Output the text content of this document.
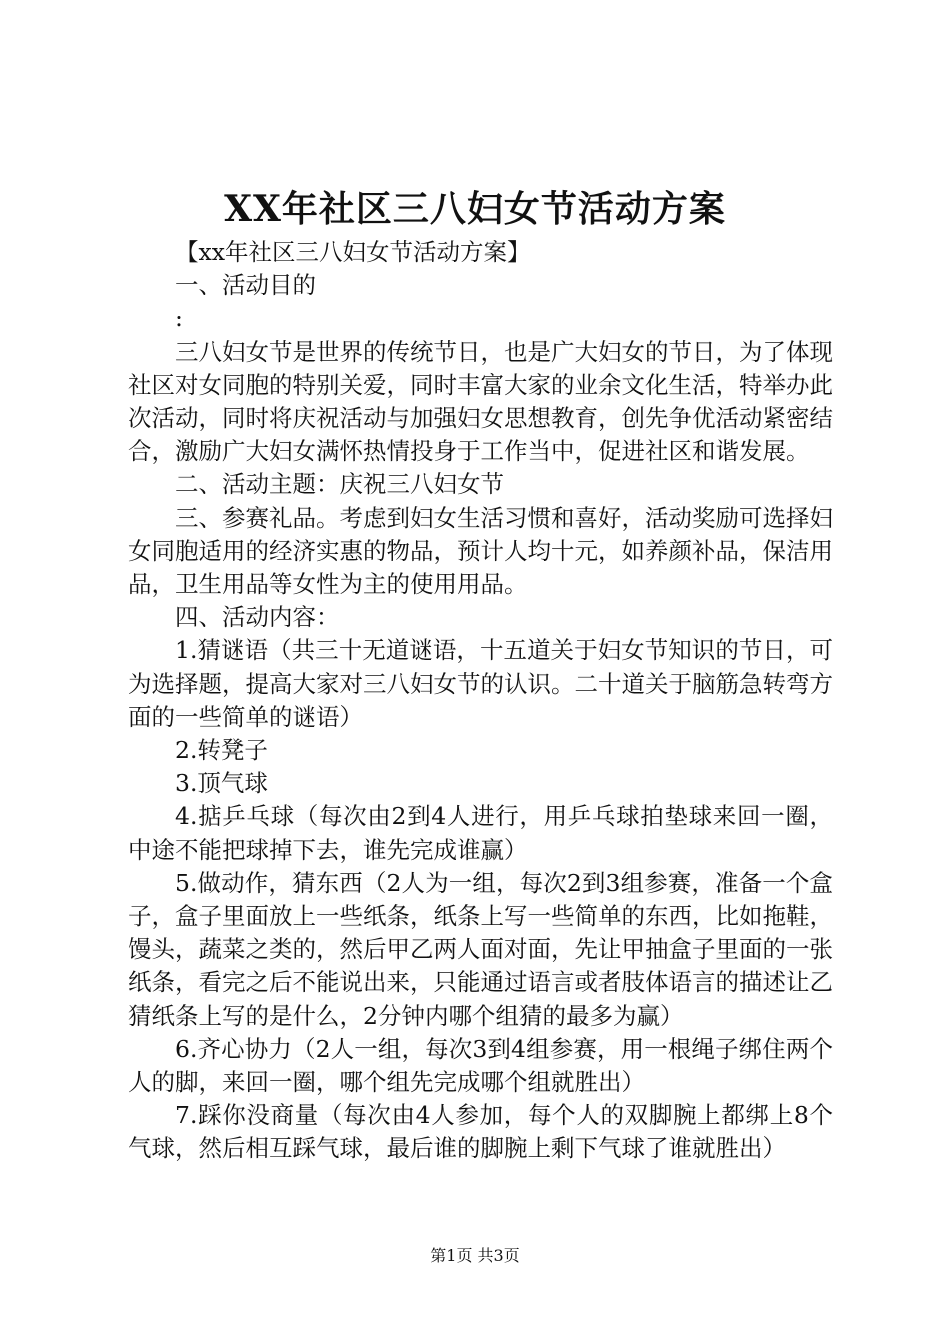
XX年社区三八妇女节活动方案

【xx年社区三八妇女节活动方案】

一、活动目的

:

三八妇女节是世界的传统节日，也是广大妇女的节日，为了体现社区对女同胞的特别关爱，同时丰富大家的业余文化生活，特举办此次活动，同时将庆祝活动与加强妇女思想教育，创先争优活动紧密结合，激励广大妇女满怀热情投身于工作当中，促进社区和谐发展。

二、活动主题：庆祝三八妇女节

三、参赛礼品。考虑到妇女生活习惯和喜好，活动奖励可选择妇女同胞适用的经济实惠的物品，预计人均十元，如养颜补品，保洁用品，卫生用品等女性为主的使用用品。

四、活动内容：

1.猜谜语（共三十无道谜语，十五道关于妇女节知识的节日，可为选择题，提高大家对三八妇女节的认识。二十道关于脑筋急转弯方面的一些简单的谜语）

2.转凳子

3.顶气球

4.掂乒乓球（每次由2到4人进行，用乒乓球拍垫球来回一圈，中途不能把球掉下去，谁先完成谁赢）

5.做动作，猜东西（2人为一组，每次2到3组参赛，准备一个盒子，盒子里面放上一些纸条，纸条上写一些简单的东西，比如拖鞋，馒头，蔬菜之类的，然后甲乙两人面对面，先让甲抽盒子里面的一张纸条，看完之后不能说出来，只能通过语言或者肢体语言的描述让乙猜纸条上写的是什么，2分钟内哪个组猜的最多为赢）

6.齐心协力（2人一组，每次3到4组参赛，用一根绳子绑住两个人的脚，来回一圈，哪个组先完成哪个组就胜出）

7.踩你没商量（每次由4人参加，每个人的双脚腕上都绑上8个气球，然后相互踩气球，最后谁的脚腕上剩下气球了谁就胜出）

第1页 共3页
